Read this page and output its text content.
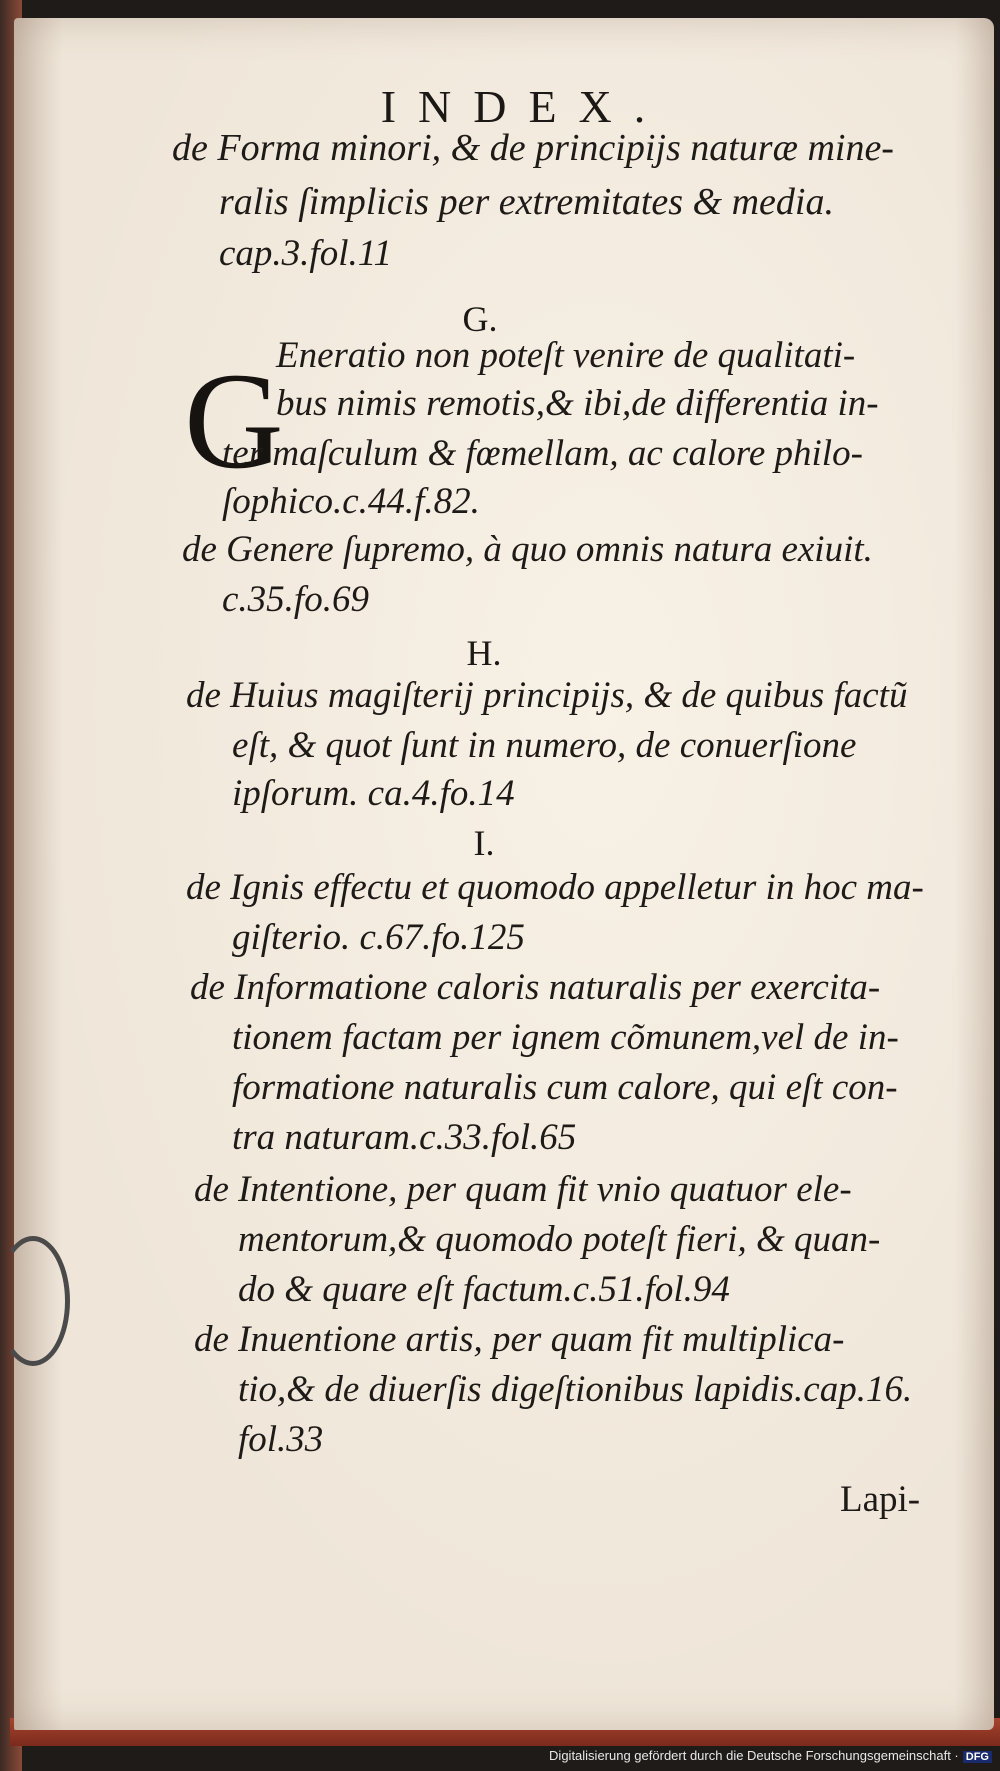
INDEX.
de Forma minori, & de principijs naturæ mine-
ralis ſimplicis per extremitates & media.
cap.3.fol.11
G.
G
Eneratio non poteſt venire de qualitati-
bus nimis remotis,& ibi,de differentia in-
ter maſculum & fœmellam, ac calore philo-
ſophico.c.44.f.82.
de Genere ſupremo, à quo omnis natura exiuit.
c.35.fo.69
H.
de Huius magiſterij principijs, & de quibus factũ
eſt, & quot ſunt in numero, de conuerſione
ipſorum. ca.4.fo.14
I.
de Ignis effectu et quomodo appelletur in hoc ma-
giſterio. c.67.fo.125
de Informatione caloris naturalis per exercita-
tionem factam per ignem cõmunem,vel de in-
formatione naturalis cum calore, qui eſt con-
tra naturam.c.33.fol.65
de Intentione, per quam fit vnio quatuor ele-
mentorum,& quomodo poteſt fieri, & quan-
do & quare eſt factum.c.51.fol.94
de Inuentione artis, per quam fit multiplica-
tio,& de diuerſis digeſtionibus lapidis.cap.16.
fol.33
Lapi-
Digitalisierung gefördert durch die Deutsche Forschungsgemeinschaft · DFG
